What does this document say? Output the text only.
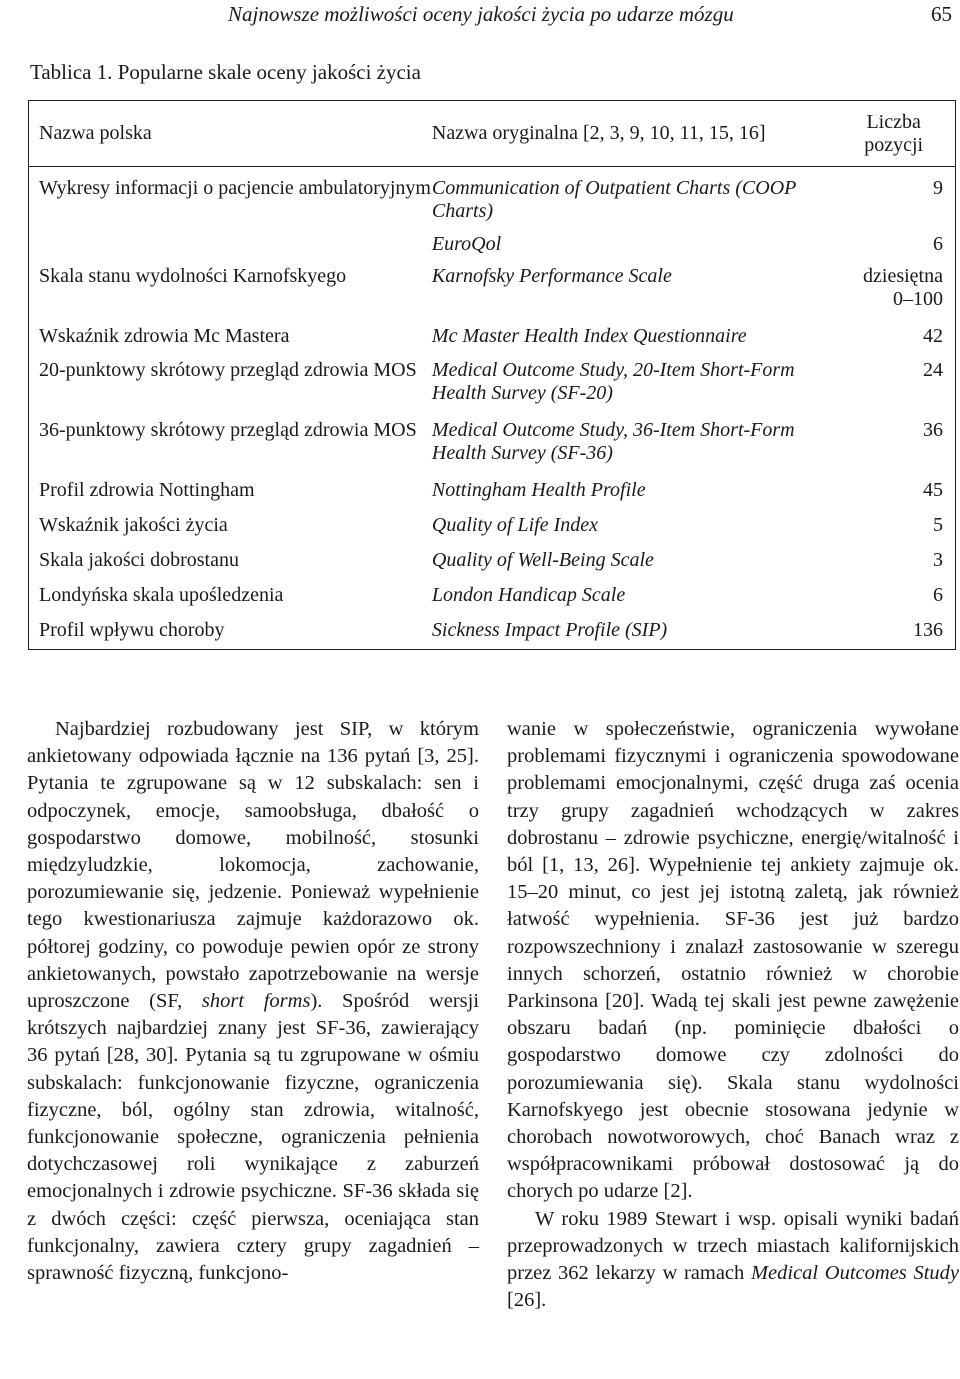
Najnowsze możliwości oceny jakości życia po udarze mózgu	65
Tablica 1. Popularne skale oceny jakości życia
Nazwa polska	Nazwa oryginalna [2, 3, 9, 10, 11, 15, 16]	Liczba
pozycji

Wykresy informacji o pacjencie ambulatoryjnym	Communication of Outpatient Charts (COOP Charts)	9

	EuroQol	6

Skala stanu wydolności Karnofskyego	Karnofsky Performance Scale	dziesiętna
0–100

Wskaźnik zdrowia Mc Mastera	Mc Master Health Index Questionnaire	42

20-punktowy skrótowy przegląd zdrowia MOS	Medical Outcome Study, 20-Item Short-Form Health Survey (SF-20)	24

36-punktowy skrótowy przegląd zdrowia MOS	Medical Outcome Study, 36-Item Short-Form Health Survey (SF-36)	36

Profil zdrowia Nottingham	Nottingham Health Profile	45

Wskaźnik jakości życia	Quality of Life Index	5

Skala jakości dobrostanu	Quality of Well-Being Scale	3

Londyńska skala upośledzenia	London Handicap Scale	6

Profil wpływu choroby	Sickness Impact Profile (SIP)	136

Najbardziej rozbudowany jest SIP, w którym ankietowany odpowiada łącznie na 136 pytań [3, 25]. Pytania te zgrupowane są w 12 subskalach: sen i odpoczynek, emocje, samoobsługa, dbałość o gospodarstwo domowe, mobilność, stosunki międzyludzkie, lokomocja, zachowanie, porozumiewanie się, jedzenie. Ponieważ wypełnienie tego kwestionariusza zajmuje każdorazowo ok. półtorej godziny, co powoduje pewien opór ze strony ankietowanych, powstało zapotrzebowanie na wersje uproszczone (SF, short forms). Spośród wersji krótszych najbardziej znany jest SF-36, zawierający 36 pytań [28, 30]. Pytania są tu zgrupowane w ośmiu subskalach: funkcjonowanie fizyczne, ograniczenia fizyczne, ból, ogólny stan zdrowia, witalność, funkcjonowanie społeczne, ograniczenia pełnienia dotychczasowej roli wynikające z zaburzeń emocjonalnych i zdrowie psychiczne. SF-36 składa się z dwóch części: część pierwsza, oceniająca stan funkcjonalny, zawiera cztery grupy zagadnień – sprawność fizyczną, funkcjono-

wanie w społeczeństwie, ograniczenia wywołane problemami fizycznymi i ograniczenia spowodowane problemami emocjonalnymi, część druga zaś ocenia trzy grupy zagadnień wchodzących w zakres dobrostanu – zdrowie psychiczne, energię/witalność i ból [1, 13, 26]. Wypełnienie tej ankiety zajmuje ok. 15–20 minut, co jest jej istotną zaletą, jak również łatwość wypełnienia. SF-36 jest już bardzo rozpowszechniony i znalazł zastosowanie w szeregu innych schorzeń, ostatnio również w chorobie Parkinsona [20]. Wadą tej skali jest pewne zawężenie obszaru badań (np. pominięcie dbałości o gospodarstwo domowe czy zdolności do porozumiewania się). Skala stanu wydolności Karnofskyego jest obecnie stosowana jedynie w chorobach nowotworowych, choć Banach wraz z współpracownikami próbował dostosować ją do chorych po udarze [2].

W roku 1989 Stewart i wsp. opisali wyniki badań przeprowadzonych w trzech miastach kalifornijskich przez 362 lekarzy w ramach Medical Outcomes Study [26].
